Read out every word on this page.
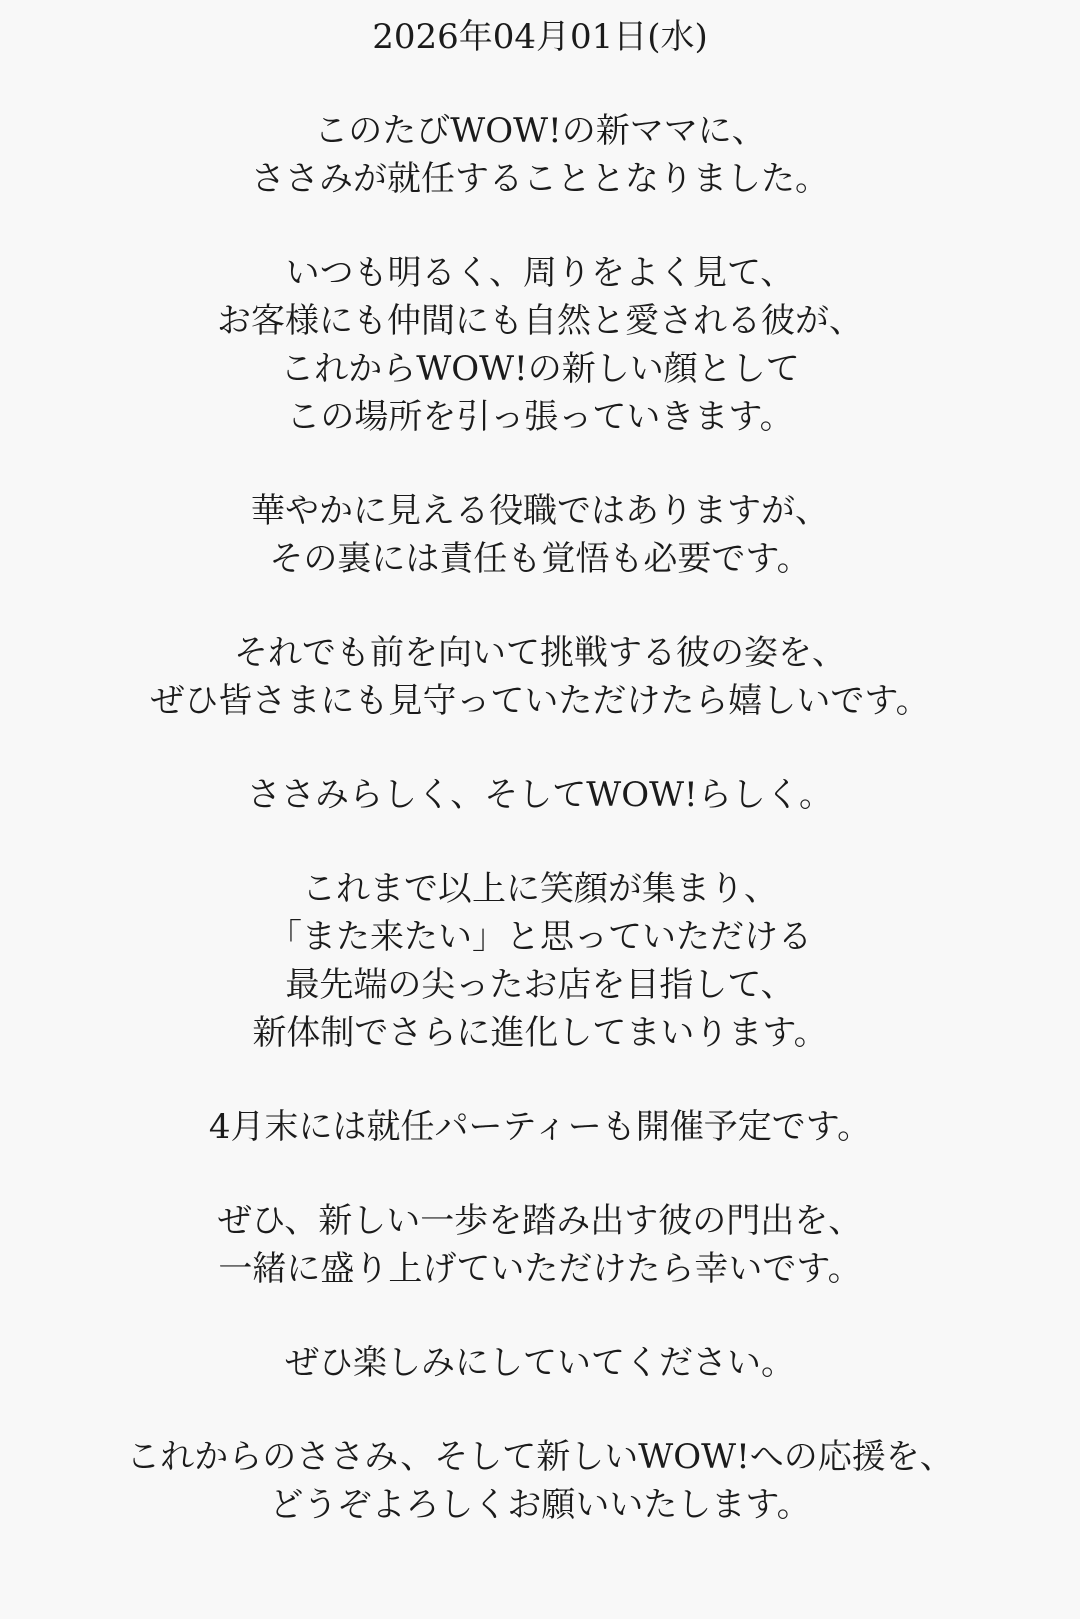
2026年04月01日(水)
このたびWOW!の新ママに、
ささみが就任することとなりました。
いつも明るく、周りをよく見て、
お客様にも仲間にも自然と愛される彼が、
これからWOW!の新しい顔として
この場所を引っ張っていきます。
華やかに見える役職ではありますが、
その裏には責任も覚悟も必要です。
それでも前を向いて挑戦する彼の姿を、
ぜひ皆さまにも見守っていただけたら嬉しいです。
ささみらしく、そしてWOW!らしく。
これまで以上に笑顔が集まり、
「また来たい」と思っていただける
最先端の尖ったお店を目指して、
新体制でさらに進化してまいります。
4月末には就任パーティーも開催予定です。
ぜひ、新しい一歩を踏み出す彼の門出を、
一緒に盛り上げていただけたら幸いです。
ぜひ楽しみにしていてください。
これからのささみ、そして新しいWOW!への応援を、
どうぞよろしくお願いいたします。
